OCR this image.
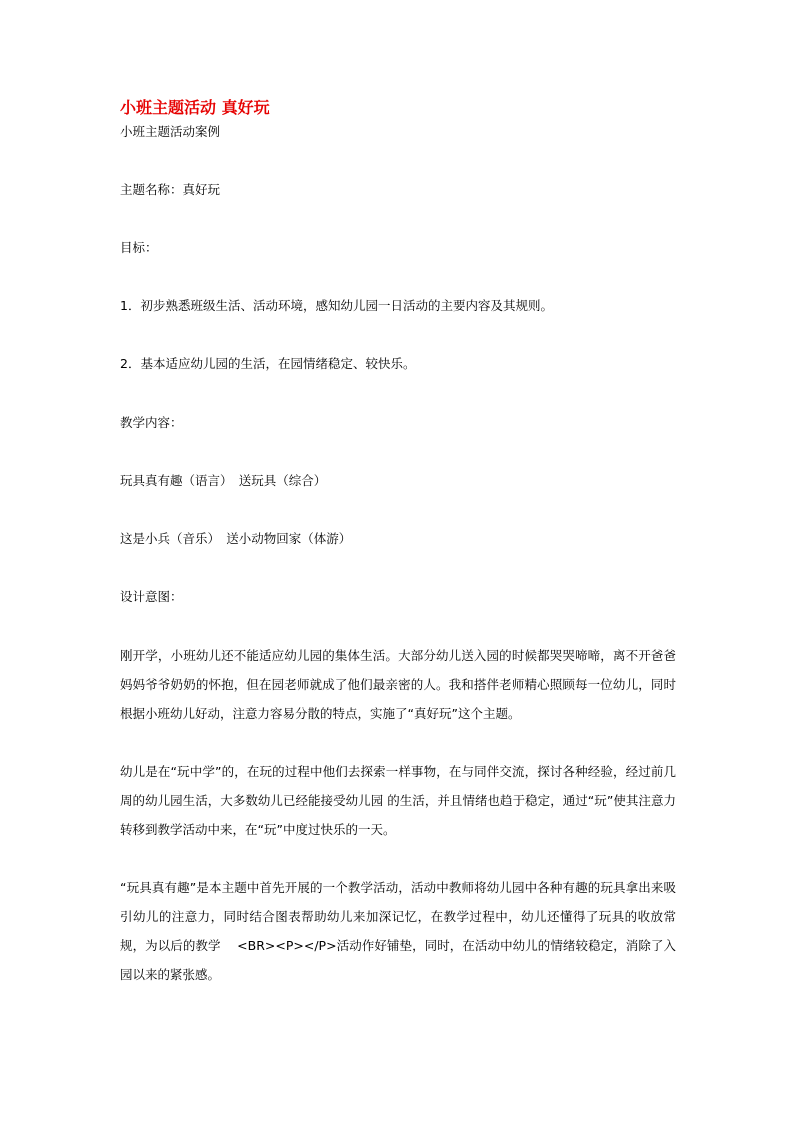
小班主题活动 真好玩
小班主题活动案例
主题名称：真好玩
目标：
1．初步熟悉班级生活、活动环境，感知幼儿园一日活动的主要内容及其规则。
2．基本适应幼儿园的生活，在园情绪稳定、较快乐。
教学内容：
玩具真有趣（语言）　送玩具（综合）
这是小兵（音乐）　送小动物回家（体游）
设计意图：
刚开学，小班幼儿还不能适应幼儿园的集体生活。大部分幼儿送入园的时候都哭哭啼啼，离不开爸爸妈妈爷爷奶奶的怀抱，但在园老师就成了他们最亲密的人。我和搭伴老师精心照顾每一位幼儿，同时根据小班幼儿好动，注意力容易分散的特点，实施了“真好玩”这个主题。
幼儿是在“玩中学”的，在玩的过程中他们去探索一样事物，在与同伴交流，探讨各种经验，经过前几周的幼儿园生活，大多数幼儿已经能接受幼儿园 的生活，并且情绪也趋于稳定，通过“玩”使其注意力转移到教学活动中来，在“玩”中度过快乐的一天。
“玩具真有趣”是本主题中首先开展的一个教学活动，活动中教师将幼儿园中各种有趣的玩具拿出来吸引幼儿的注意力，同时结合图表帮助幼儿来加深记忆，在教学过程中，幼儿还懂得了玩具的收放常规，为以后的教学　 <BR><P></P>活动作好铺垫，同时，在活动中幼儿的情绪较稳定，消除了入园以来的紧张感。
